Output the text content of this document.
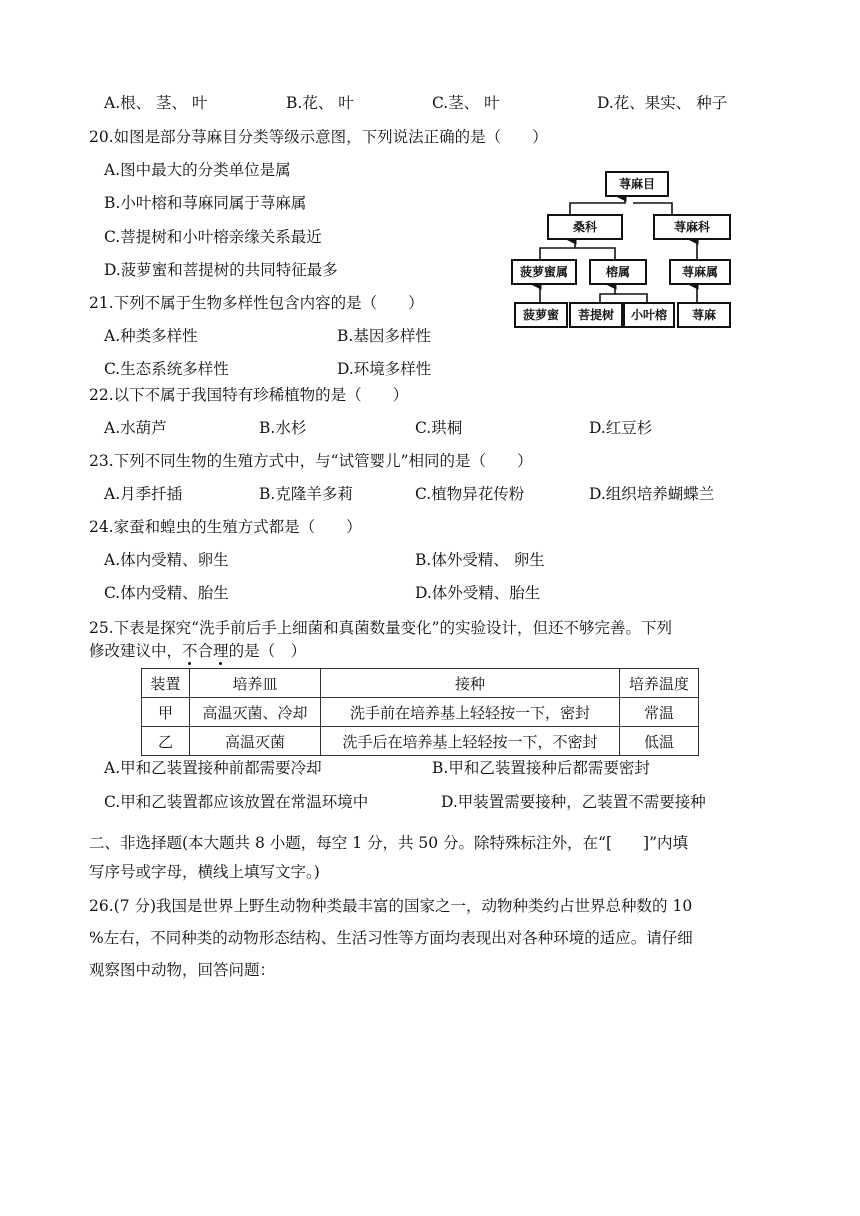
A.根、 茎、 叶	B.花、 叶	C.茎、 叶	D.花、果实、 种子
20.如图是部分荨麻目分类等级示意图，下列说法正确的是（　　）
A.图中最大的分类单位是属
B.小叶榕和荨麻同属于荨麻属
C.菩提树和小叶榕亲缘关系最近
D.菠萝蜜和菩提树的共同特征最多
荨麻目
桑科	荨麻科
菠萝蜜属	榕属	荨麻属
菠萝蜜	菩提树	小叶榕	荨麻
21.下列不属于生物多样性包含内容的是（　　）
A.种类多样性	B.基因多样性
C.生态系统多样性	D.环境多样性
22.以下不属于我国特有珍稀植物的是（　　）
A.水葫芦	B.水杉	C.珙桐	D.红豆杉
23.下列不同生物的生殖方式中，与“试管婴儿”相同的是（　　）
A.月季扦插	B.克隆羊多莉	C.植物异花传粉	D.组织培养蝴蝶兰
24.家蚕和蝗虫的生殖方式都是（　　）
A.体内受精、卵生	B.体外受精、 卵生
C.体内受精、胎生	D.体外受精、胎生
25.下表是探究“洗手前后手上细菌和真菌数量变化”的实验设计，但还不够完善。下列
修改建议中，不合理的是（　）
装置	培养皿	接种	培养温度
甲	高温灭菌、冷却	洗手前在培养基上轻轻按一下，密封	常温
乙	高温灭菌	洗手后在培养基上轻轻按一下，不密封	低温
A.甲和乙装置接种前都需要冷却	B.甲和乙装置接种后都需要密封
C.甲和乙装置都应该放置在常温环境中	D.甲装置需要接种，乙装置不需要接种
二、非选择题(本大题共 8 小题，每空 1 分，共 50 分。除特殊标注外，在“[　　]”内填
写序号或字母，横线上填写文字。)
26.(7 分)我国是世界上野生动物种类最丰富的国家之一，动物种类约占世界总种数的 10
%左右，不同种类的动物形态结构、生活习性等方面均表现出对各种环境的适应。请仔细
观察图中动物，回答问题：
